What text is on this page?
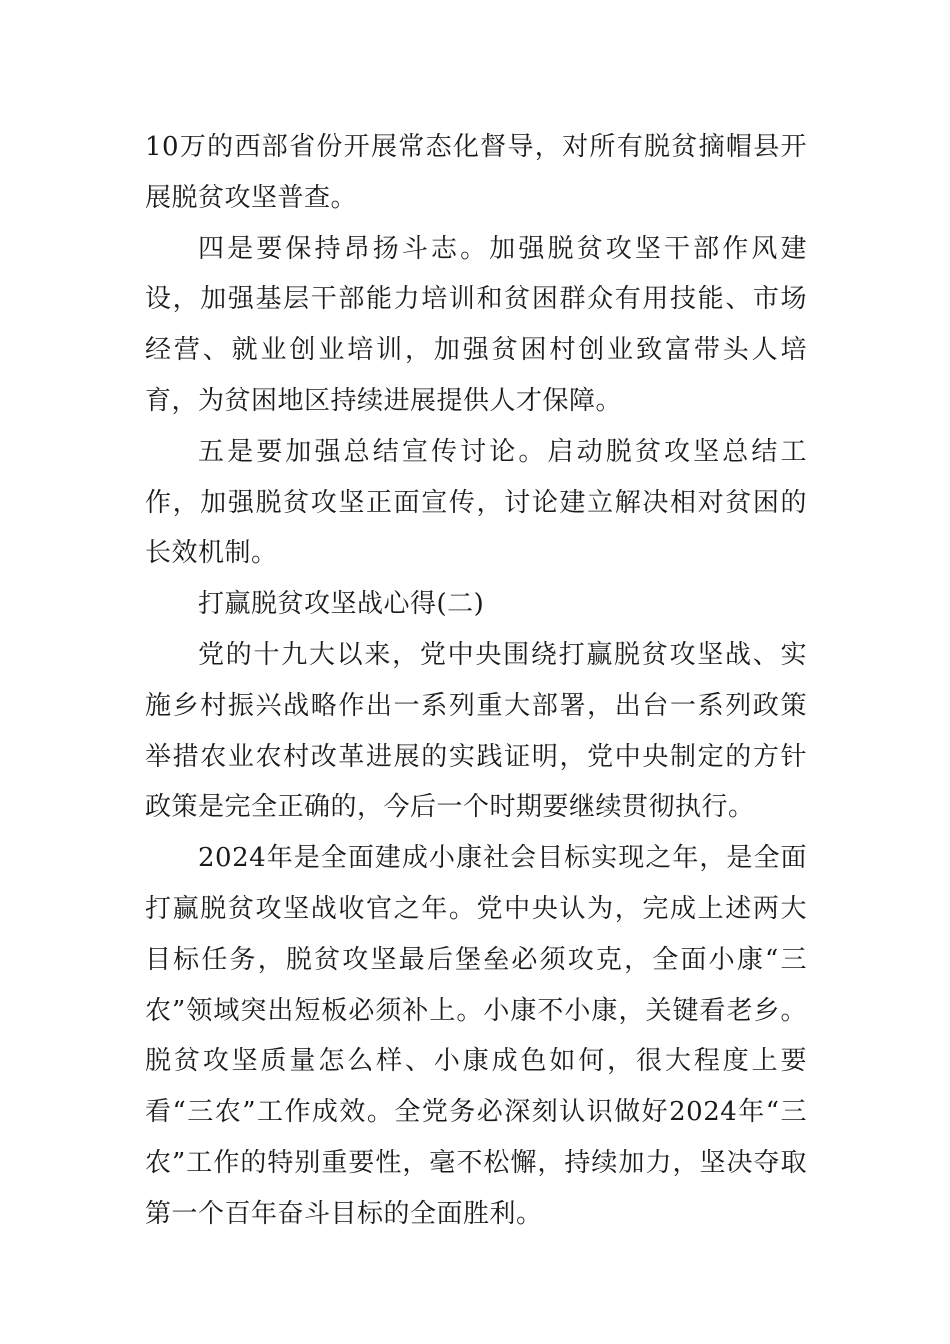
10万的西部省份开展常态化督导，对所有脱贫摘帽县开展脱贫攻坚普查。

四是要保持昂扬斗志。加强脱贫攻坚干部作风建设，加强基层干部能力培训和贫困群众有用技能、市场经营、就业创业培训，加强贫困村创业致富带头人培育，为贫困地区持续进展提供人才保障。

五是要加强总结宣传讨论。启动脱贫攻坚总结工作，加强脱贫攻坚正面宣传，讨论建立解决相对贫困的长效机制。

打赢脱贫攻坚战心得(二)

党的十九大以来，党中央围绕打赢脱贫攻坚战、实施乡村振兴战略作出一系列重大部署，出台一系列政策举措农业农村改革进展的实践证明，党中央制定的方针政策是完全正确的，今后一个时期要继续贯彻执行。

2024年是全面建成小康社会目标实现之年，是全面打赢脱贫攻坚战收官之年。党中央认为，完成上述两大目标任务，脱贫攻坚最后堡垒必须攻克，全面小康“三农”领域突出短板必须补上。小康不小康，关键看老乡。脱贫攻坚质量怎么样、小康成色如何，很大程度上要看“三农”工作成效。全党务必深刻认识做好2024年“三农”工作的特别重要性，毫不松懈，持续加力，坚决夺取第一个百年奋斗目标的全面胜利。
